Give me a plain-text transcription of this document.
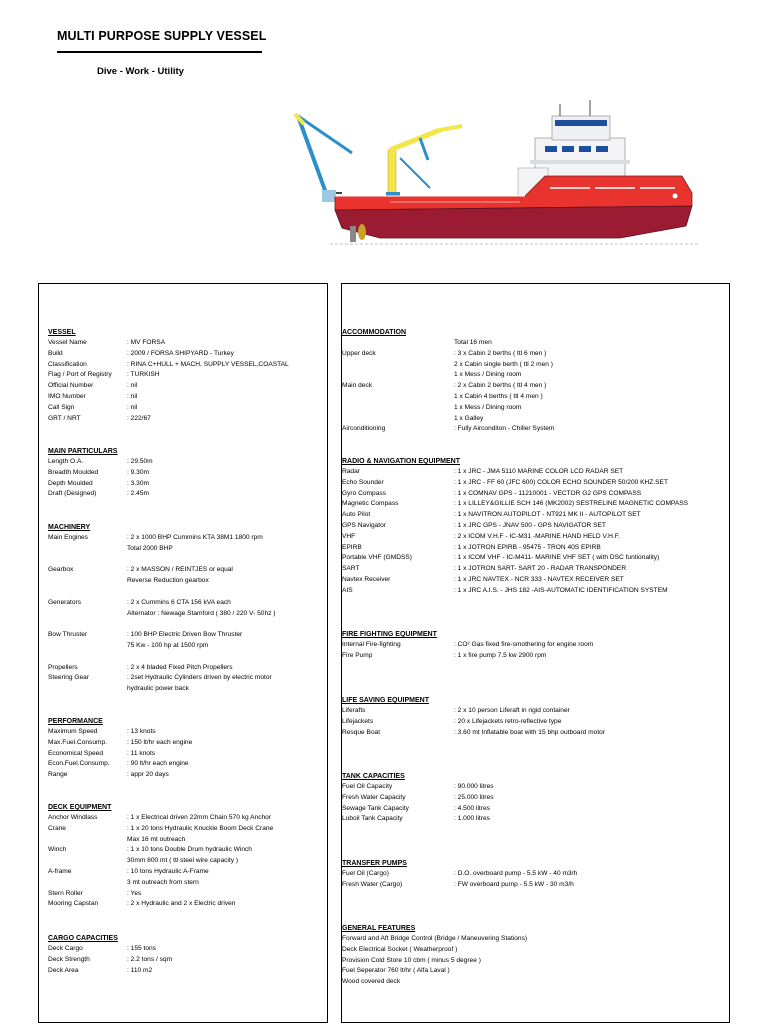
MULTI PURPOSE SUPPLY VESSEL
Dive - Work - Utility
VESSEL
Vessel Name	: MV FORSA
Build	: 2009 / FORSA SHIPYARD - Turkey
Classification	: RINA C+HULL + MACH, SUPPLY VESSEL,COASTAL
Flag / Port of Registry	: TURKISH
Official Number	: nil
IMO Number	: nil
Call Sign	: nil
GRT / NRT	: 222/67
MAIN PARTICULARS
Length O.A.	: 29.50m
Breadth Moulded	: 9.30m
Depth Moulded	: 3.30m
Draft (Designed)	: 2.45m
MACHINERY
Main Engines	: 2 x 1000 BHP Cummins KTA 38M1 1800 rpm
Total 2000 BHP
Gearbox	: 2 x MASSON / REINTJES or equal
Reverse Reduction gearbox
Generators	: 2 x Cummins 6 CTA 156 kVA each
Alternator : Newage Stamford ( 380 / 220 V- 50hz )
Bow Thruster	: 100 BHP Electric Driven Bow Thruster
75 Kw - 100 hp at 1500 rpm
Propellers	: 2 x 4 bladed Fixed Pitch Propellers
Steering Gear	: 2set Hydraulic Cylinders driven by electric motor
hydraulic power back
PERFORMANCE
Maximum Speed	: 13 knots
Max.Fuel.Consump.	: 150 lt/hr each engine
Economical Speed	: 11 knots
Econ.Fuel.Consump.	: 90 lt/hr each engine
Range	: appr 20 days
DECK EQUIPMENT
Anchor Windlass	: 1 x Electrical driven 22mm Chain 570 kg Anchor
Crane	: 1 x 20 tons Hydraulic Knuckle Boom Deck Crane
Max 16 mt outreach
Winch	: 1 x 10 tons Double Drum hydraulic Winch
30mm 800 mt ( ttl steel wire capacity )
A-frame	: 10 tons Hydraulic A-Frame
3 mt outreach from stern
Stern Roller	: Yes
Mooring Capstan	: 2 x Hydraulic and 2 x Electric driven
CARGO CAPACITIES
Deck Cargo	: 155 tons
Deck Strength	: 2.2 tons / sqm
Deck Area	: 110 m2
ACCOMMODATION
Total 16 men
Upper deck	: 3 x Cabin 2 berths ( ttl 6 men )
2 x Cabin single berth ( ttl 2 men )
1 x Mess / Dining room
Main deck	: 2 x Cabin 2 berths ( ttl 4 men )
1 x Cabin 4 berths ( ttl 4 men )
1 x Mess / Dining room
1 x Galley
Airconditioning	: Fully Airconditon - Chiller System
RADIO & NAVIGATION EQUIPMENT
Radar	: 1 x JRC - JMA 5110 MARINE COLOR LCD RADAR SET
Echo Sounder	: 1 x JRC - FF 60 (JFC 600) COLOR ECHO SOUNDER 50/200 KHZ.SET
Gyro Compass	: 1 x COMNAV GPS - 11210001 - VECTOR G2 GPS COMPASS
Magnetic Compass	: 1 x LILLEY&GILLIE SCH 146 (MK2002) SESTRELINE MAGNETIC COMPASS
Auto Pilot	: 1 x NAVITRON AUTOPILOT - NT921 MK II - AUTOPILOT SET
GPS Navigator	: 1 x JRC GPS - JNAV 500 - GPS NAVIGATOR SET
VHF	: 2 x ICOM V.H.F - IC-M31 -MARINE HAND HELD V.H.F.
EPIRB	: 1 x JOTRON EPIRB - 95475 - TRON 40S EPIRB
Portable VHF (GMDSS)	: 1 x ICOM VHF - IC-M411- MARINE VHF SET ( with DSC funtionality)
SART	: 1 x JOTRON SART- SART 20 - RADAR TRANSPONDER
Navtex Receiver	: 1 x JRC NAVTEX - NCR 333 - NAVTEX RECEIVER SET
AIS	: 1 x JRC A.I.S. - JHS 182 -AIS-AUTOMATIC IDENTIFICATION SYSTEM
FIRE FIGHTING EQUIPMENT
Internal Fire-fighting	: CO² Gas fixed fire-smothering for engine room
Fire Pump	: 1 x fire pump 7.5 kw 2900 rpm
LIFE SAVING EQUIPMENT
Liferafts	: 2 x 10 person Liferaft in rigid container
Lifejackets	: 20 x Lifejackets retro-reflective type
Resque Boat	: 3.60 mt Inflatable boat with 15 bhp outboard motor
TANK CAPACITIES
Fuel Oil Capacity	: 90.000 litres
Fresh Water Capacity	: 25.000 litres
Sewage Tank Capacity	: 4.500 litres
Luboil Tank Capacity	: 1.000 litres
TRANSFER PUMPS
Fuel Oil (Cargo)	: D.O. overboard pump - 5.5 kW - 40 m3/h
Fresh Water (Cargo)	: FW overboard pump - 5.5 kW - 30 m3/h
GENERAL FEATURES
Forward and Aft Bridge Control (Bridge / Maneuvering Stations)
Deck Electrical Socket ( Weatherproof )
Provision Cold Store 10 cbm ( minus 5 degree )
Fuel Seperator 760 lt/hr ( Alfa Laval )
Wood covered deck
